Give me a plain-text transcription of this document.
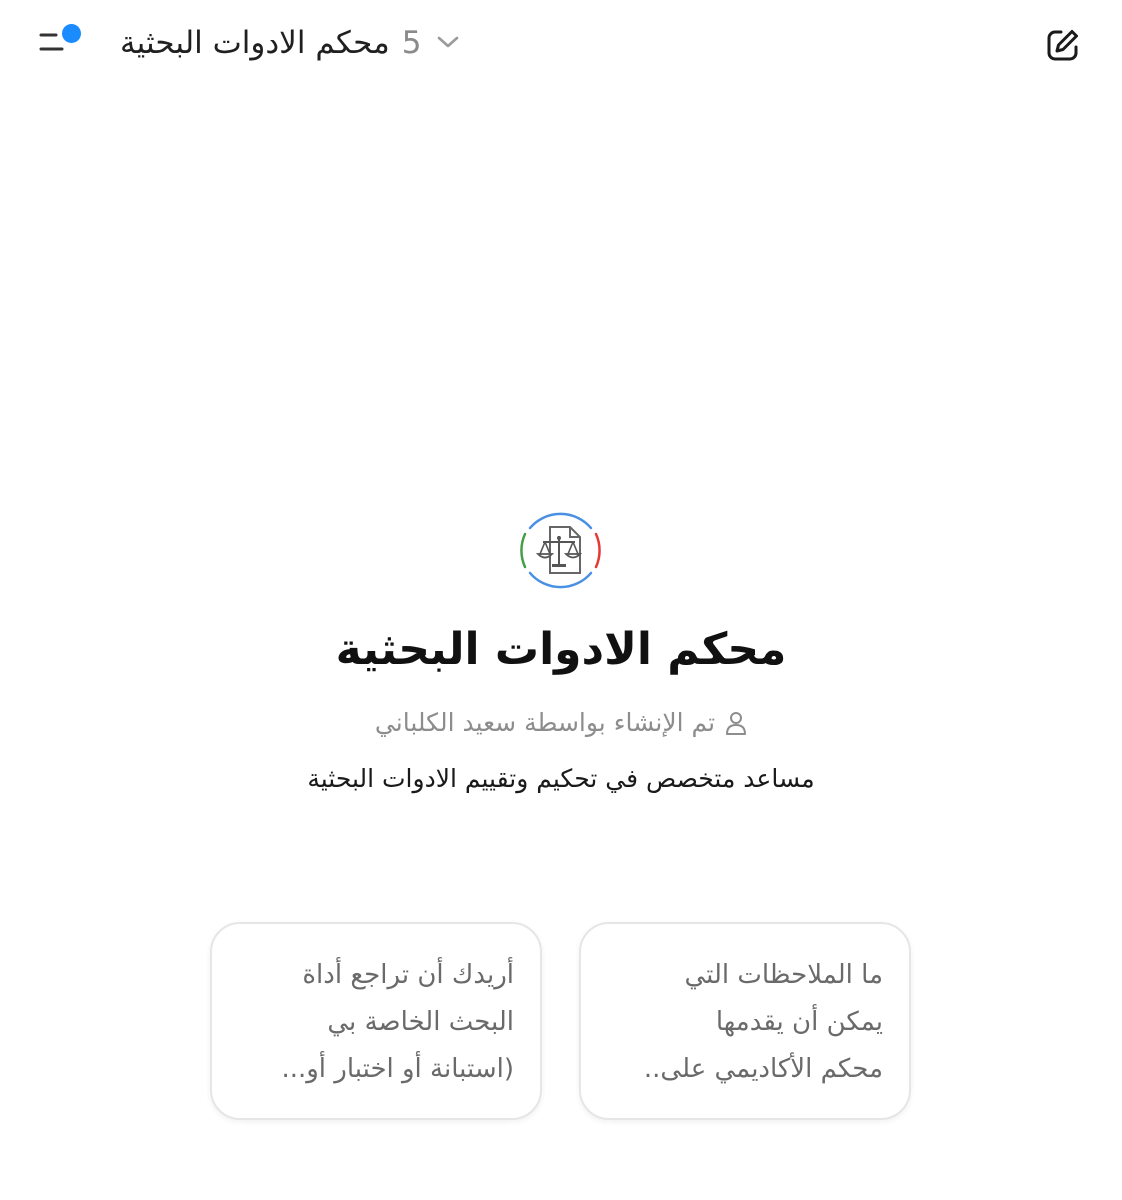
محكم الادوات البحثية 5
محكم الادوات البحثية
تم الإنشاء بواسطة سعيد الكلباني
مساعد متخصص في تحكيم وتقييم الادوات البحثية
ما الملاحظات التي
يمكن أن يقدمها
محكم الأكاديمي على..
أريدك أن تراجع أداة
البحث الخاصة بي
(استبانة أو اختبار أو...
